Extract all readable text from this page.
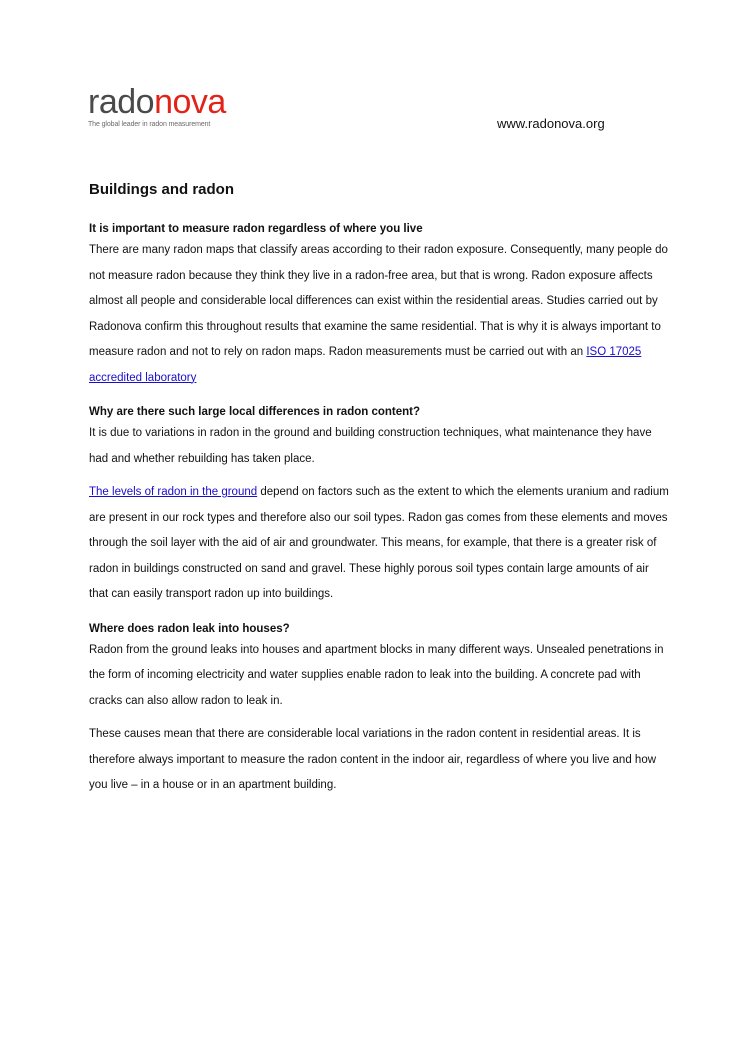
radonova
The global leader in radon measurement	www.radonova.org
Buildings and radon
It is important to measure radon regardless of where you live

There are many radon maps that classify areas according to their radon exposure. Consequently, many people do not measure radon because they think they live in a radon-free area, but that is wrong. Radon exposure affects almost all people and considerable local differences can exist within the residential areas. Studies carried out by Radonova confirm this throughout results that examine the same residential. That is why it is always important to measure radon and not to rely on radon maps. Radon measurements must be carried out with an ISO 17025 accredited laboratory

Why are there such large local differences in radon content?

It is due to variations in radon in the ground and building construction techniques, what maintenance they have had and whether rebuilding has taken place.

The levels of radon in the ground depend on factors such as the extent to which the elements uranium and radium are present in our rock types and therefore also our soil types. Radon gas comes from these elements and moves through the soil layer with the aid of air and groundwater. This means, for example, that there is a greater risk of radon in buildings constructed on sand and gravel. These highly porous soil types contain large amounts of air that can easily transport radon up into buildings.

Where does radon leak into houses?

Radon from the ground leaks into houses and apartment blocks in many different ways. Unsealed penetrations in the form of incoming electricity and water supplies enable radon to leak into the building. A concrete pad with cracks can also allow radon to leak in.

These causes mean that there are considerable local variations in the radon content in residential areas. It is therefore always important to measure the radon content in the indoor air, regardless of where you live and how you live – in a house or in an apartment building.
